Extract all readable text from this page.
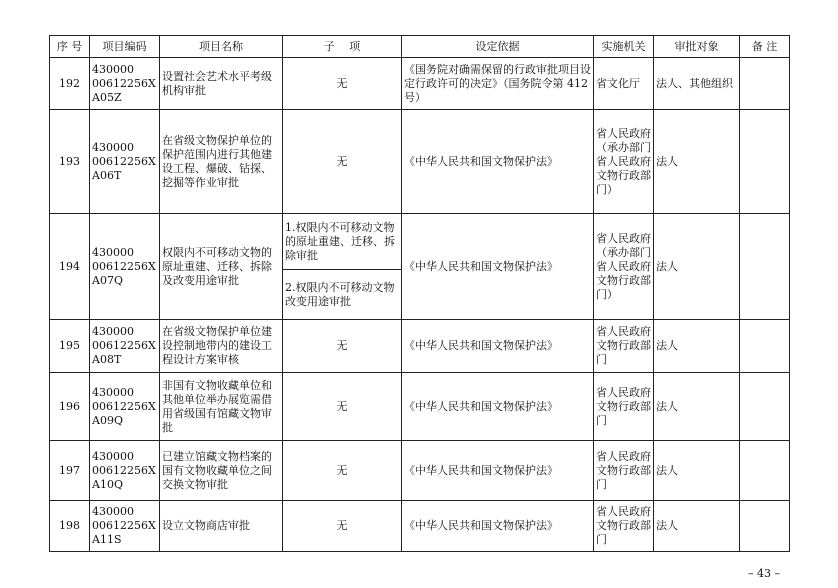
序 号	项目编码	项目名称	子　 项	设定依据	实施机关	审批对象	备 注
192	430000
00612256X
A05Z	设置社会艺术水平考级机构审批	无	《国务院对确需保留的行政审批项目设定行政许可的决定》（国务院令第 412 号）	省文化厅	法人、其他组织	
193	430000
00612256X
A06T	在省级文物保护单位的保护范围内进行其他建设工程、爆破、钻探、挖掘等作业审批	无	《中华人民共和国文物保护法》	省人民政府（承办部门省人民政府文物行政部门）	法人	
194	430000
00612256X
A07Q	权限内不可移动文物的原址重建、迁移、拆除及改变用途审批	1.权限内不可移动文物的原址重建、迁移、拆除审批	《中华人民共和国文物保护法》	省人民政府（承办部门省人民政府文物行政部门）	法人	
			2.权限内不可移动文物改变用途审批				
195	430000
00612256X
A08T	在省级文物保护单位建设控制地带内的建设工程设计方案审核	无	《中华人民共和国文物保护法》	省人民政府文物行政部门	法人	
196	430000
00612256X
A09Q	非国有文物收藏单位和其他单位举办展览需借用省级国有馆藏文物审批	无	《中华人民共和国文物保护法》	省人民政府文物行政部门	法人	
197	430000
00612256X
A10Q	已建立馆藏文物档案的国有文物收藏单位之间交换文物审批	无	《中华人民共和国文物保护法》	省人民政府文物行政部门	法人	
198	430000
00612256X
A11S	设立文物商店审批	无	《中华人民共和国文物保护法》	省人民政府文物行政部门	法人	
– 43 –
